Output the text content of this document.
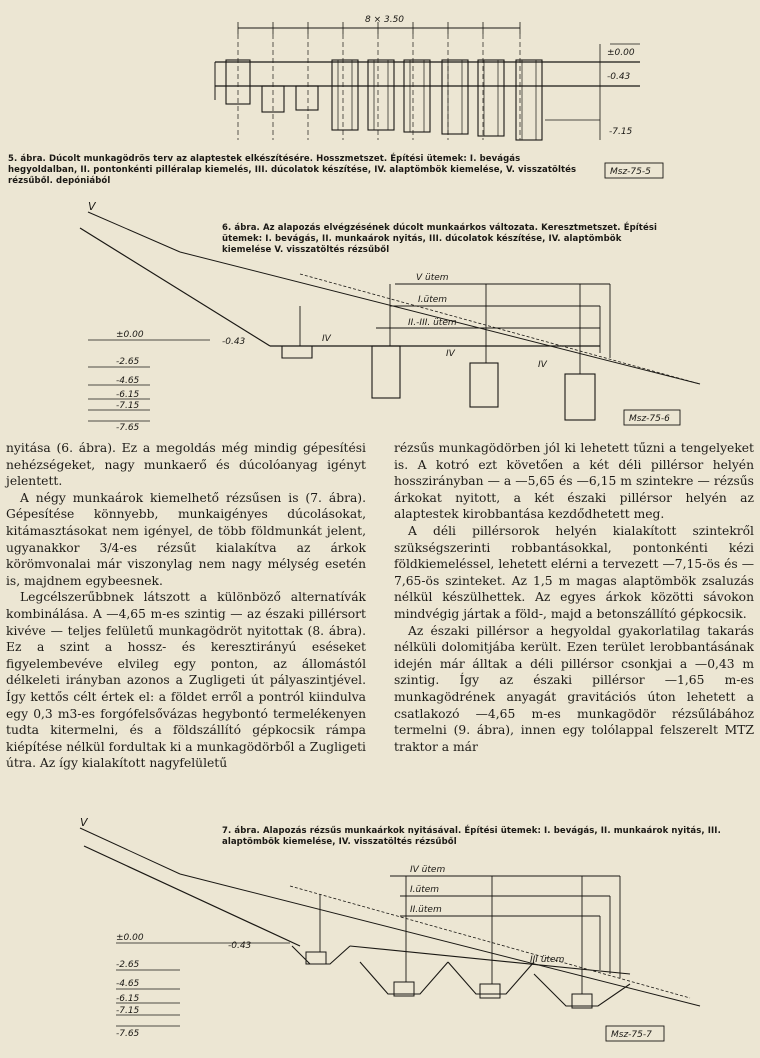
8 × 3.50
±0.00
-0.43
-7.15
Msz-75-5
5. ábra. Dúcolt munkagödrös terv az alaptestek elkészítésére. Hosszmetszet. Építési ütemek: I. bevágás hegyoldalban, II. pontonkénti pilléralap kiemelés, III. dúcolatok készítése, IV. alaptömbök kiemelése, V. visszatöltés rézsűből. depóniából
V
V ütem
I.ütem
II.-III. ütem
IV
IV
IV
±0.00
-0.43
-2.65
-4.65
-6.15
-7.15
-7.65
Msz-75-6
6. ábra. Az alapozás elvégzésének dúcolt munkaárkos változata. Keresztmetszet. Építési ütemek: I. bevágás, II. munkaárok nyitás, III. dúcolatok készítése, IV. alaptömbök kiemelése V. visszatöltés rézsűből

nyitása (6. ábra). Ez a megoldás még mindig gépesítési nehézségeket, nagy munkaerő és dúcolóanyag igényt jelentett.

A négy munkaárok kiemelhető rézsűsen is (7. ábra). Gépesítése könnyebb, munkaigényes dúcolásokat, kitámasztásokat nem igényel, de több földmunkát jelent, ugyanakkor 3/4-es rézsűt kialakítva az árkok körömvonalai már viszonylag nem nagy mélység esetén is, majdnem egybeesnek.

Legcélszerűbbnek látszott a különböző alternatívák kombinálása. A —4,65 m-es szintig — az északi pillérsort kivéve — teljes felületű munkagödröt nyitottak (8. ábra). Ez a szint a hossz- és keresztirányú eséseket figyelembevéve elvileg egy ponton, az állomástól délkeleti irányban azonos a Zugligeti út pályaszintjével. Így kettős célt értek el: a földet erről a pontról kiindulva egy 0,3 m3-es forgófelsővázas hegybontó termelékenyen tudta kitermelni, és a földszállító gépkocsik rámpa kiépítése nélkül fordultak ki a munkagödörből a Zugligeti útra. Az így kialakított nagyfelületű

rézsűs munkagödörben jól ki lehetett tűzni a tengelyeket is. A kotró ezt követően a két déli pillérsor helyén hosszirányban — a —5,65 és —6,15 m szintekre — rézsűs árkokat nyitott, a két északi pillérsor helyén az alaptestek kirobbantása kezdődhetett meg.

A déli pillérsorok helyén kialakított szintekről szükségszerinti robbantásokkal, pontonkénti kézi földkiemeléssel, lehetett elérni a tervezett —7,15-ös és —7,65-ös szinteket. Az 1,5 m magas alaptömbök zsaluzás nélkül készülhettek. Az egyes árkok közötti sávokon mindvégig jártak a föld-, majd a betonszállító gépkocsik.

Az északi pillérsor a hegyoldal gyakorlatilag takarás nélküli dolomitjába került. Ezen terület lerobbantásának idején már álltak a déli pillérsor csonkjai a —0,43 m szintig. Így az északi pillérsor —1,65 m-es munkagödrének anyagát gravitációs úton lehetett a csatlakozó —4,65 m-es munkagödör rézsűlábához termelni (9. ábra), innen egy tolólappal felszerelt MTZ traktor a már

V
IV ütem
I.ütem
II.ütem
III ütem
±0.00
-0.43
-2.65
-4.65
-6.15
-7.15
-7.65	Msz-75-7
7. ábra. Alapozás rézsűs munkaárkok nyitásával. Építési ütemek: I. bevágás, II. munkaárok nyitás, III. alaptömbök kiemelése, IV. visszatöltés rézsűből
